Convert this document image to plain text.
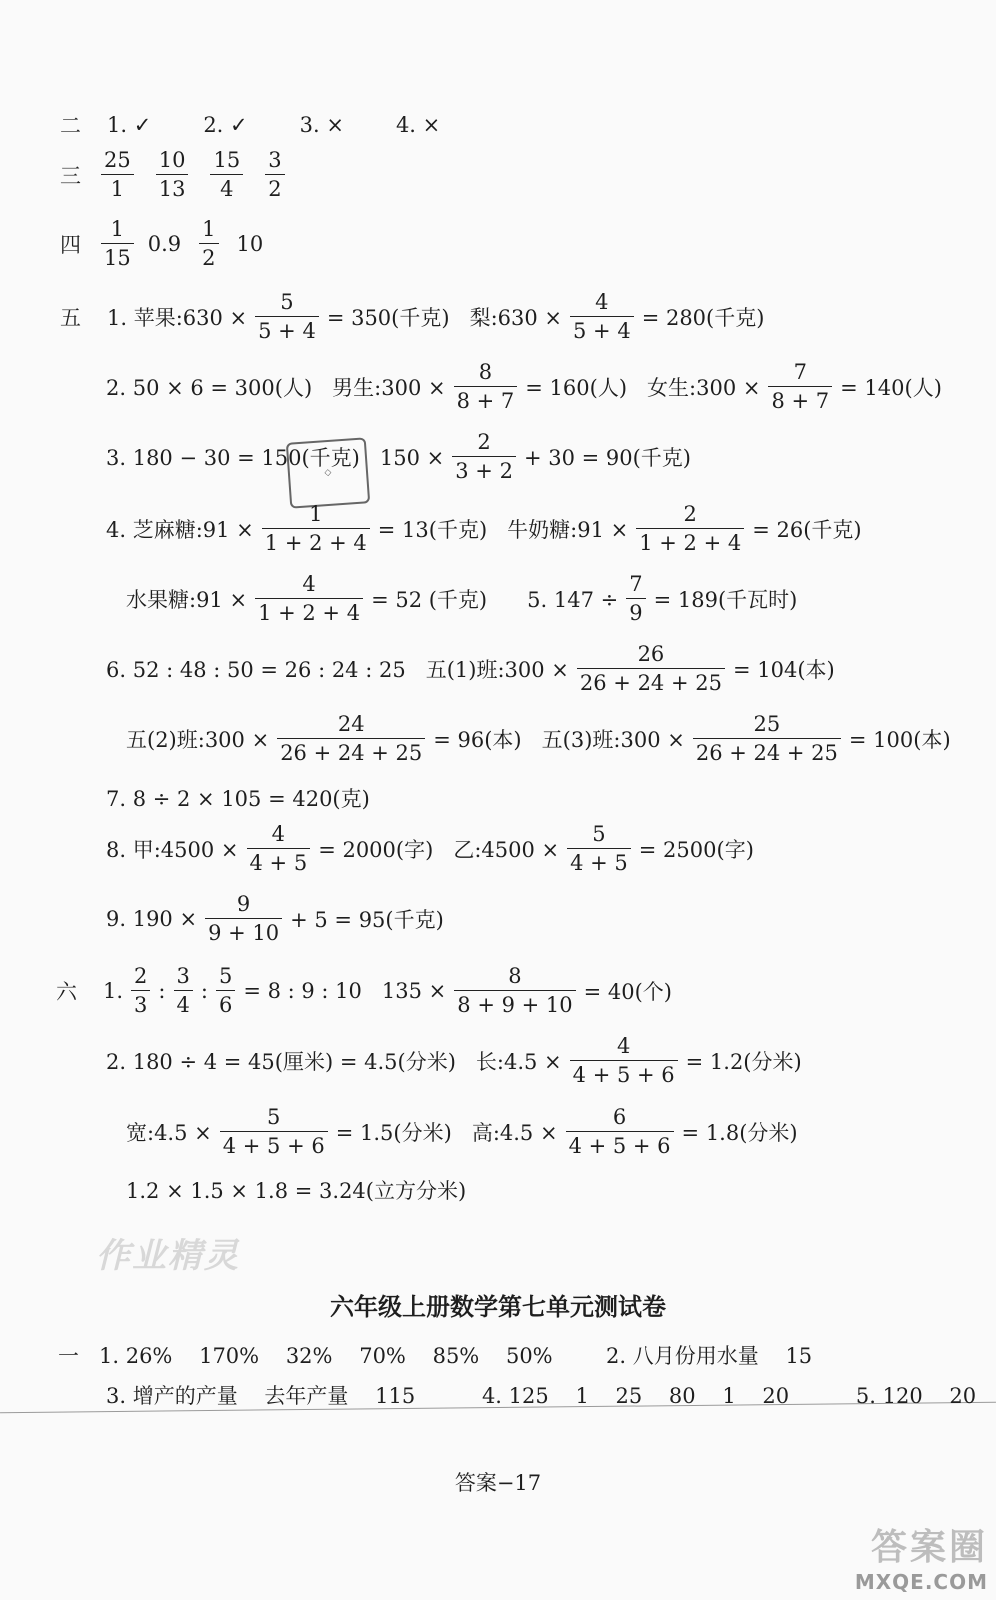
二 1. ✓ 2. ✓ 3. × 4. ×
三
25
1
10
13
15
4
3
2
四
1
15
0.9
1
2
10
五 1. 苹果:630 ×
5
5 + 4
= 350(千克)   梨:630 ×
4
5 + 4
= 280(千克)
2. 50 × 6 = 300(人)   男生:300 ×
8
8 + 7
= 160(人)   女生:300 ×
7
8 + 7
= 140(人)
3. 180 − 30 = 150(千克)   150 ×
2
3 + 2
+ 30 = 90(千克)
◇
4. 芝麻糖:91 ×
1
1 + 2 + 4
= 13(千克)   牛奶糖:91 ×
2
1 + 2 + 4
= 26(千克)
水果糖:91 ×
4
1 + 2 + 4
= 52 (千克)      5. 147 ÷
7
9
= 189(千瓦时)
6. 52 : 48 : 50 = 26 : 24 : 25   五(1)班:300 ×
26
26 + 24 + 25
= 104(本)
五(2)班:300 ×
24
26 + 24 + 25
= 96(本)   五(3)班:300 ×
25
26 + 24 + 25
= 100(本)
7. 8 ÷ 2 × 105 = 420(克)
8. 甲:4500 ×
4
4 + 5
= 2000(字)   乙:4500 ×
5
4 + 5
= 2500(字)
9. 190 ×
9
9 + 10
+ 5 = 95(千克)
六 1.
2
3
:
3
4
:
5
6
= 8 : 9 : 10   135 ×
8
8 + 9 + 10
= 40(个)
2. 180 ÷ 4 = 45(厘米) = 4.5(分米)   长:4.5 ×
4
4 + 5 + 6
= 1.2(分米)
宽:4.5 ×
5
4 + 5 + 6
= 1.5(分米)   高:4.5 ×
6
4 + 5 + 6
= 1.8(分米)
1.2 × 1.5 × 1.8 = 3.24(立方分米)
作业精灵
六年级上册数学第七单元测试卷
一 1. 26%    170%    32%    70%    85%    50%        2. 八月份用水量    15
3. 增产的产量    去年产量    115          4. 125    1    25    80    1    20          5. 120    20
答案−17
答案圈
MXQE.COM
